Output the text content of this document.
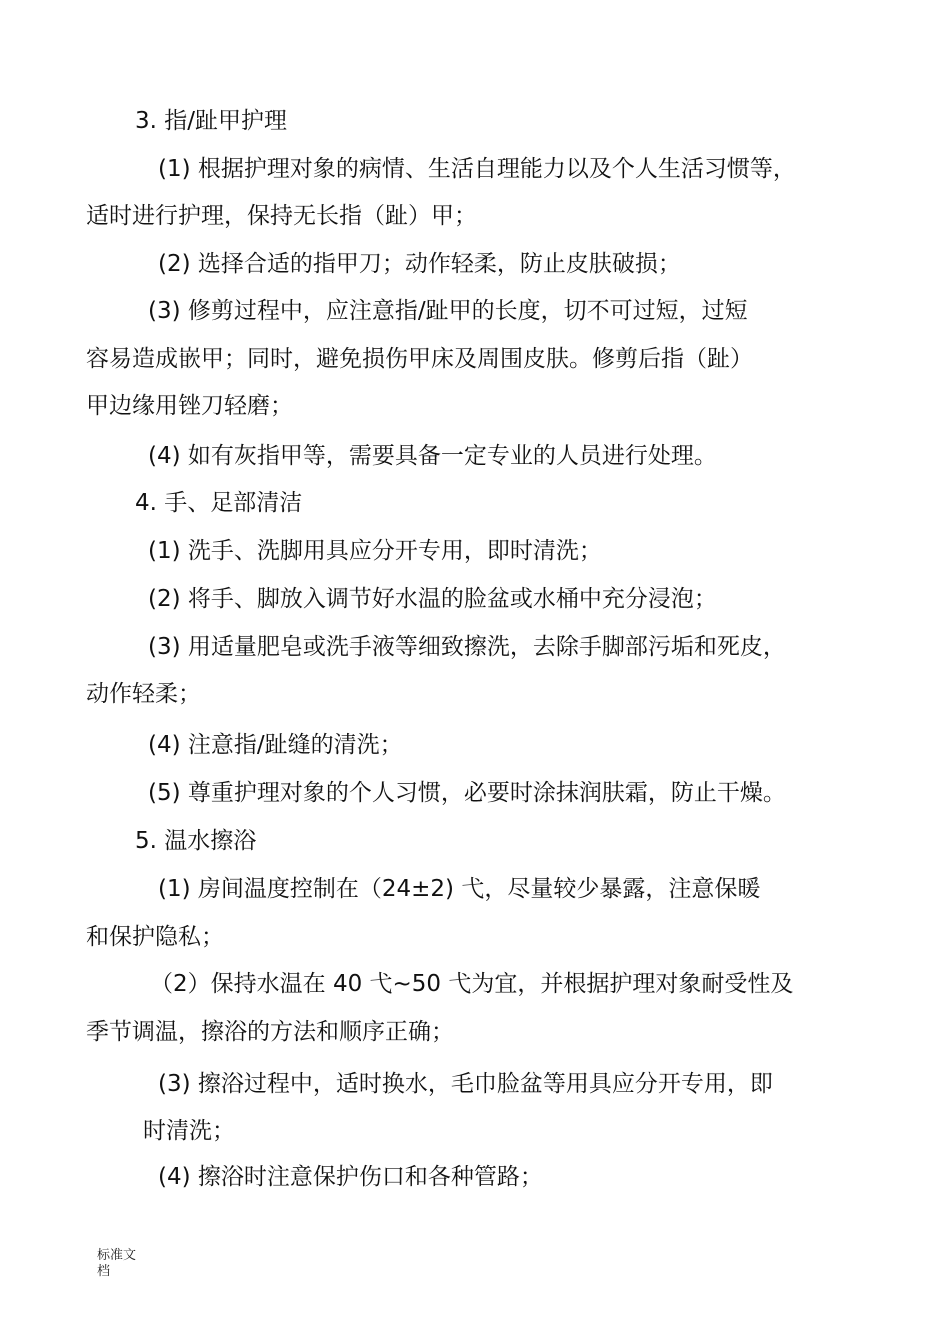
3. 指/趾甲护理

(1) 根据护理对象的病情、生活自理能力以及个人生活习惯等，

适时进行护理，保持无长指（趾）甲；

(2) 选择合适的指甲刀；动作轻柔，防止皮肤破损；

(3) 修剪过程中，应注意指/趾甲的长度，切不可过短，过短

容易造成嵌甲；同时，避免损伤甲床及周围皮肤。修剪后指（趾）

甲边缘用锉刀轻磨；

(4) 如有灰指甲等，需要具备一定专业的人员进行处理。

4. 手、足部清洁

(1) 洗手、洗脚用具应分开专用，即时清洗；

(2) 将手、脚放入调节好水温的脸盆或水桶中充分浸泡；

(3) 用适量肥皂或洗手液等细致擦洗，去除手脚部污垢和死皮，

动作轻柔；

(4) 注意指/趾缝的清洗；

(5) 尊重护理对象的个人习惯，必要时涂抹润肤霜，防止干燥。

5. 温水擦浴

(1) 房间温度控制在（24±2) 弋，尽量较少暴露，注意保暖

和保护隐私；

（2）保持水温在 40 弋~50 弋为宜，并根据护理对象耐受性及

季节调温，擦浴的方法和顺序正确；

(3) 擦浴过程中，适时换水，毛巾脸盆等用具应分开专用，即

时清洗；

(4) 擦浴时注意保护伤口和各种管路；

标准文
档
